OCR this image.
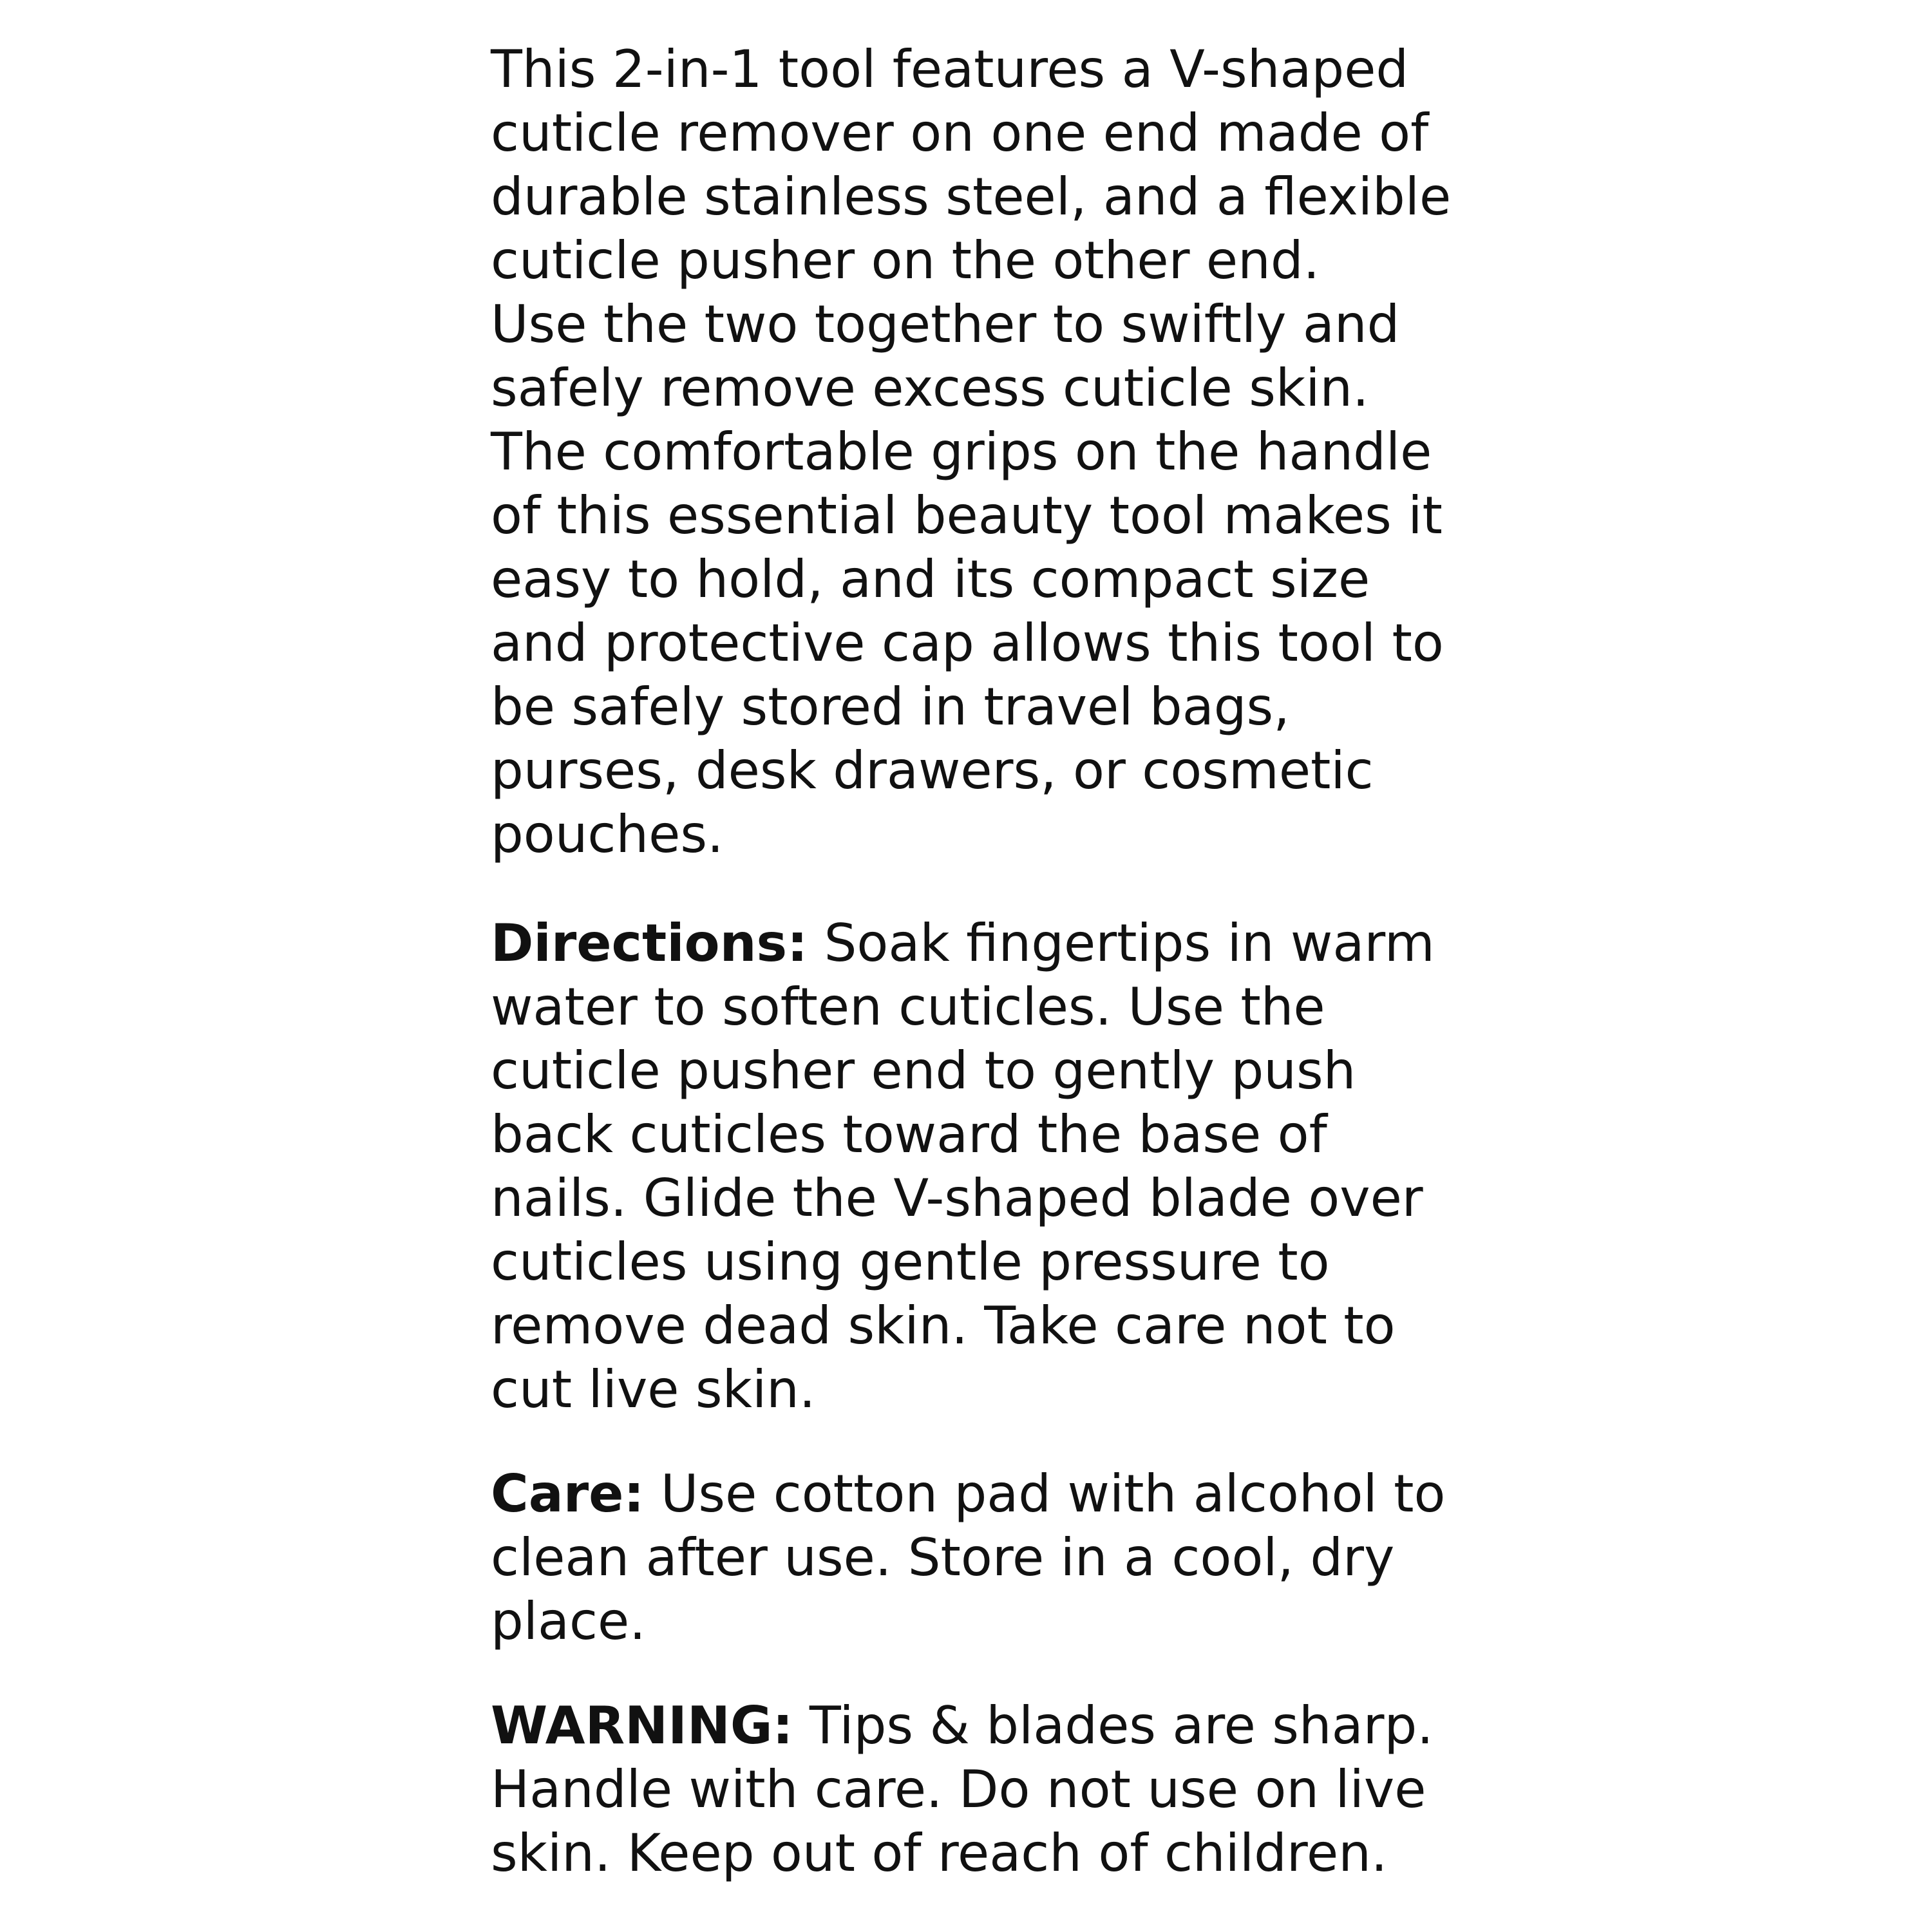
This 2-in-1 tool features a V-shaped
cuticle remover on one end made of
durable stainless steel, and a flexible
cuticle pusher on the other end.
Use the two together to swiftly and
safely remove excess cuticle skin.
The comfortable grips on the handle
of this essential beauty tool makes it
easy to hold, and its compact size
and protective cap allows this tool to
be safely stored in travel bags,
purses, desk drawers, or cosmetic
pouches.

Directions: Soak fingertips in warm
water to soften cuticles. Use the
cuticle pusher end to gently push
back cuticles toward the base of
nails. Glide the V-shaped blade over
cuticles using gentle pressure to
remove dead skin. Take care not to
cut live skin.

Care: Use cotton pad with alcohol to
clean after use. Store in a cool, dry
place.

WARNING: Tips & blades are sharp.
Handle with care. Do not use on live
skin. Keep out of reach of children.
